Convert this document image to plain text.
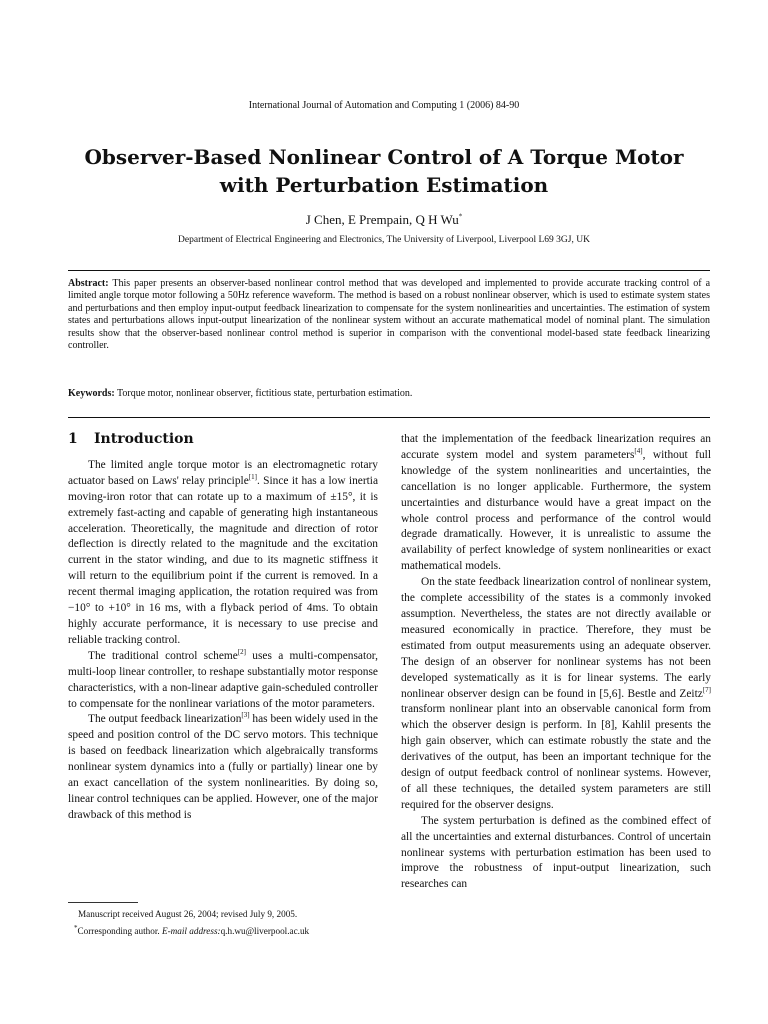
International Journal of Automation and Computing 1 (2006) 84-90
Observer-Based Nonlinear Control of A Torque Motor
with Perturbation Estimation
J Chen, E Prempain, Q H Wu*
Department of Electrical Engineering and Electronics, The University of Liverpool, Liverpool L69 3GJ, UK
Abstract: This paper presents an observer-based nonlinear control method that was developed and implemented to provide accurate tracking control of a limited angle torque motor following a 50Hz reference waveform. The method is based on a robust nonlinear observer, which is used to estimate system states and perturbations and then employ input-output feedback linearization to compensate for the system nonlinearities and uncertainties. The estimation of system states and perturbations allows input-output linearization of the nonlinear system without an accurate mathematical model of nominal plant. The simulation results show that the observer-based nonlinear control method is superior in comparison with the conventional model-based state feedback linearizing controller.
Keywords: Torque motor, nonlinear observer, fictitious state, perturbation estimation.
1 Introduction

The limited angle torque motor is an electromagnetic rotary actuator based on Laws' relay principle[1]. Since it has a low inertia moving-iron rotor that can rotate up to a maximum of ±15°, it is extremely fast-acting and capable of generating high instantaneous acceleration. Theoretically, the magnitude and direction of rotor deflection is directly related to the magnitude and the excitation current in the stator winding, and due to its magnetic stiffness it will return to the equilibrium point if the current is removed. In a recent thermal imaging application, the rotation required was from −10° to +10° in 16 ms, with a flyback period of 4ms. To obtain highly accurate performance, it is necessary to use precise and reliable tracking control.

The traditional control scheme[2] uses a multi-compensator, multi-loop linear controller, to reshape substantially motor response characteristics, with a non-linear adaptive gain-scheduled controller to compensate for the nonlinear variations of the motor parameters.

The output feedback linearization[3] has been widely used in the speed and position control of the DC servo motors. This technique is based on feedback linearization which algebraically transforms nonlinear system dynamics into a (fully or partially) linear one by an exact cancellation of the system nonlinearities. By doing so, linear control techniques can be applied. However, one of the major drawback of this method is

that the implementation of the feedback linearization requires an accurate system model and system parameters[4], without full knowledge of the system nonlinearities and uncertainties, the cancellation is no longer applicable. Furthermore, the system uncertainties and disturbance would have a great impact on the whole control process and performance of the control would degrade dramatically. However, it is unrealistic to assume the availability of perfect knowledge of system nonlinearities or exact mathematical models.

On the state feedback linearization control of nonlinear system, the complete accessibility of the states is a commonly invoked assumption. Nevertheless, the states are not directly available or measured economically in practice. Therefore, they must be estimated from output measurements using an adequate observer. The design of an observer for nonlinear systems has not been developed systematically as it is for linear systems. The early nonlinear observer design can be found in [5,6]. Bestle and Zeitz[7] transform nonlinear plant into an observable canonical form from which the observer design is perform. In [8], Kahlil presents the high gain observer, which can estimate robustly the state and the derivatives of the output, has been an important technique for the design of output feedback control of nonlinear systems. However, of all these techniques, the detailed system parameters are still required for the observer designs.

The system perturbation is defined as the combined effect of all the uncertainties and external disturbances. Control of uncertain nonlinear systems with perturbation estimation has been used to improve the robustness of input-output linearization, such researches can

Manuscript received August 26, 2004; revised July 9, 2005.
*Corresponding author. E-mail address:q.h.wu@liverpool.ac.uk
